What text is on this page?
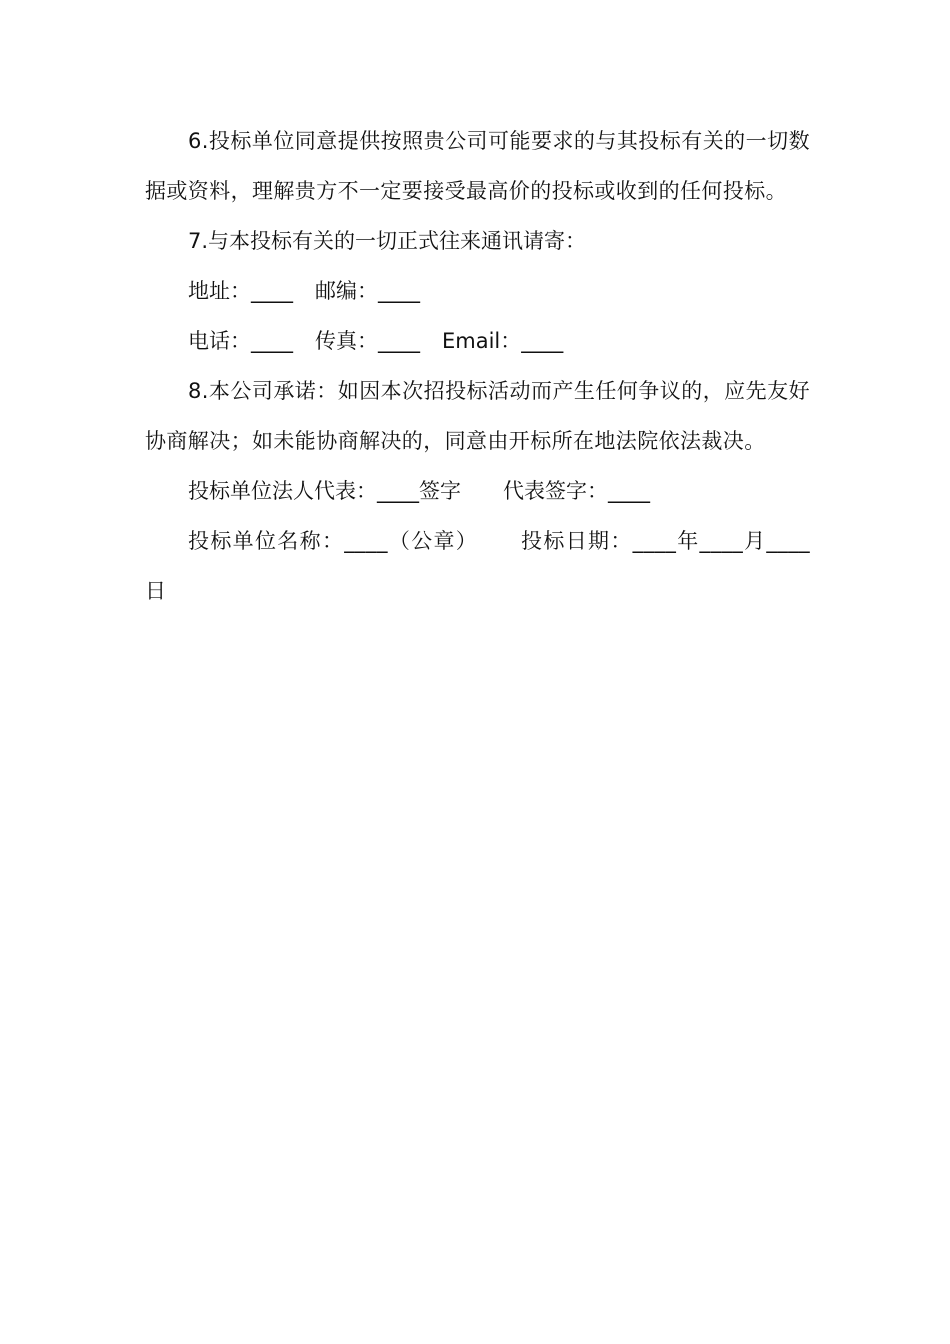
6.投标单位同意提供按照贵公司可能要求的与其投标有关的一切数据或资料，理解贵方不一定要接受最高价的投标或收到的任何投标。

7.与本投标有关的一切正式往来通讯请寄：

地址：____ 邮编：____

电话：____ 传真：____ Email：____

8.本公司承诺：如因本次招投标活动而产生任何争议的，应先友好协商解决；如未能协商解决的，同意由开标所在地法院依法裁决。

投标单位法人代表：____签字 代表签字：____

投标单位名称：____（公章） 投标日期：____年____月____日
